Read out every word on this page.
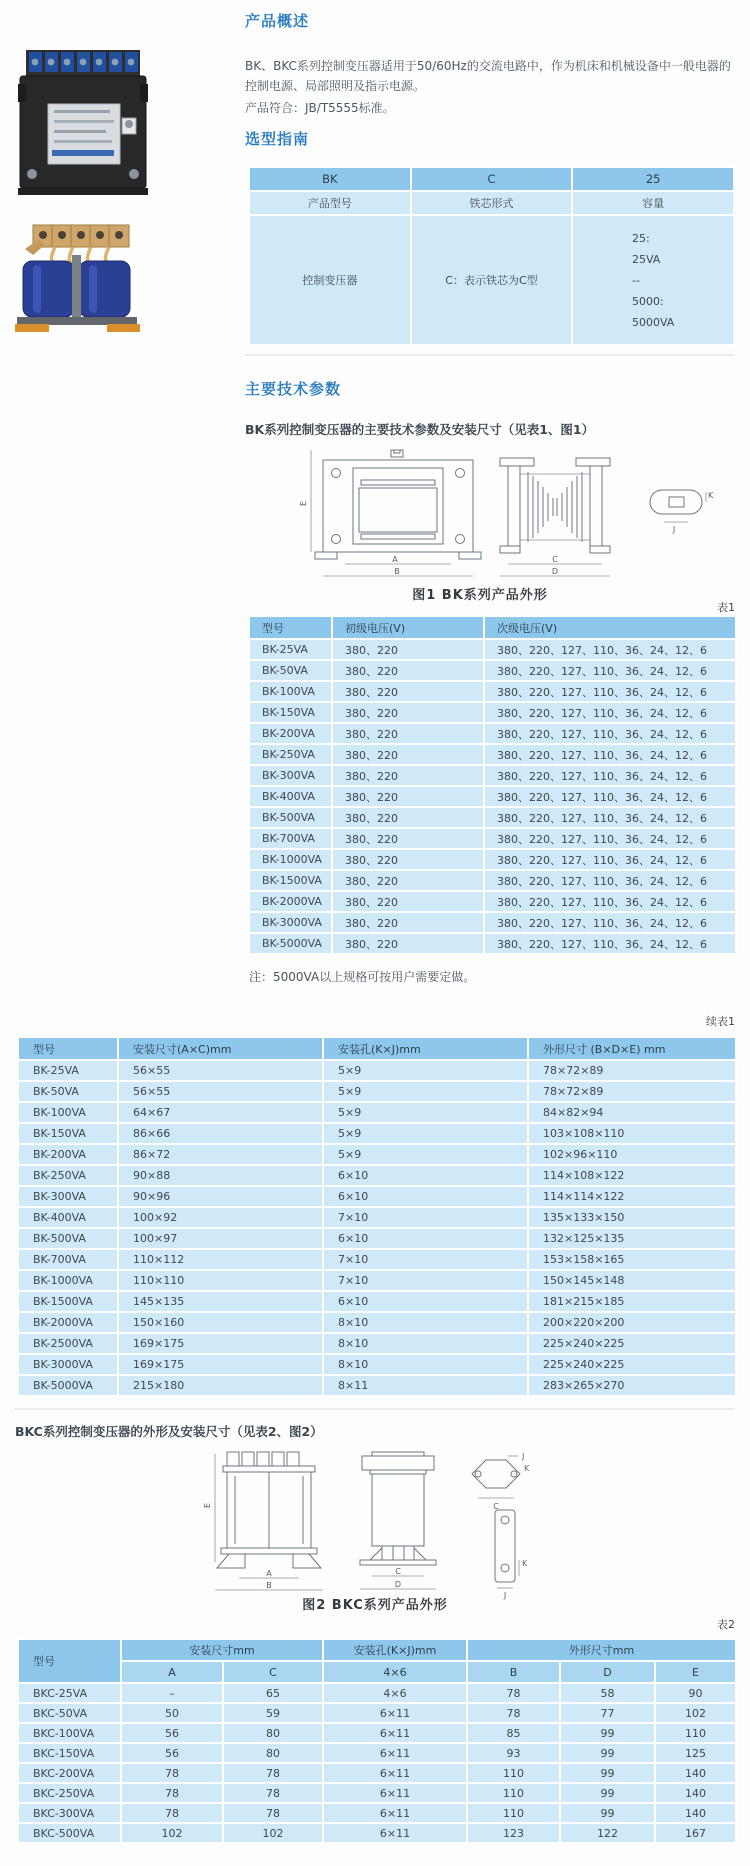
产品概述
BK、BKC系列控制变压器适用于50/60Hz的交流电路中，作为机床和机械设备中一般电器的控制电源、局部照明及指示电源。
产品符合：JB/T5555标准。
选型指南
BK	C	25
产品型号	铁芯形式	容量
控制变压器	C：表示铁芯为C型	25:
25VA
--
5000:
5000VA
主要技术参数
BK系列控制变压器的主要技术参数及安装尺寸（见表1、图1）
E
A
B
C
D
K
J
图1 BK系列产品外形
表1
型号	初级电压(V)	次级电压(V)
BK-25VA	380、220	380、220、127、110、36、24、12、6
BK-50VA	380、220	380、220、127、110、36、24、12、6
BK-100VA	380、220	380、220、127、110、36、24、12、6
BK-150VA	380、220	380、220、127、110、36、24、12、6
BK-200VA	380、220	380、220、127、110、36、24、12、6
BK-250VA	380、220	380、220、127、110、36、24、12、6
BK-300VA	380、220	380、220、127、110、36、24、12、6
BK-400VA	380、220	380、220、127、110、36、24、12、6
BK-500VA	380、220	380、220、127、110、36、24、12、6
BK-700VA	380、220	380、220、127、110、36、24、12、6
BK-1000VA	380、220	380、220、127、110、36、24、12、6
BK-1500VA	380、220	380、220、127、110、36、24、12、6
BK-2000VA	380、220	380、220、127、110、36、24、12、6
BK-3000VA	380、220	380、220、127、110、36、24、12、6
BK-5000VA	380、220	380、220、127、110、36、24、12、6
注：5000VA以上规格可按用户需要定做。
续表1
型号	安装尺寸(A×C)mm	安装孔(K×J)mm	外形尺寸 (B×D×E) mm
BK-25VA	56×55	5×9	78×72×89
BK-50VA	56×55	5×9	78×72×89
BK-100VA	64×67	5×9	84×82×94
BK-150VA	86×66	5×9	103×108×110
BK-200VA	86×72	5×9	102×96×110
BK-250VA	90×88	6×10	114×108×122
BK-300VA	90×96	6×10	114×114×122
BK-400VA	100×92	7×10	135×133×150
BK-500VA	100×97	6×10	132×125×135
BK-700VA	110×112	7×10	153×158×165
BK-1000VA	110×110	7×10	150×145×148
BK-1500VA	145×135	6×10	181×215×185
BK-2000VA	150×160	8×10	200×220×200
BK-2500VA	169×175	8×10	225×240×225
BK-3000VA	169×175	8×10	225×240×225
BK-5000VA	215×180	8×11	283×265×270
BKC系列控制变压器的外形及安装尺寸（见表2、图2）
E
A
B
C
D
J
K
C
K
J
图2 BKC系列产品外形
表2
型号	安装尺寸mm		安装孔(K×J)mm	外形尺寸mm		
	A	C	4×6	B	D	E
BKC-25VA	–	65	4×6	78	58	90
BKC-50VA	50	59	6×11	78	77	102
BKC-100VA	56	80	6×11	85	99	110
BKC-150VA	56	80	6×11	93	99	125
BKC-200VA	78	78	6×11	110	99	140
BKC-250VA	78	78	6×11	110	99	140
BKC-300VA	78	78	6×11	110	99	140
BKC-500VA	102	102	6×11	123	122	167
